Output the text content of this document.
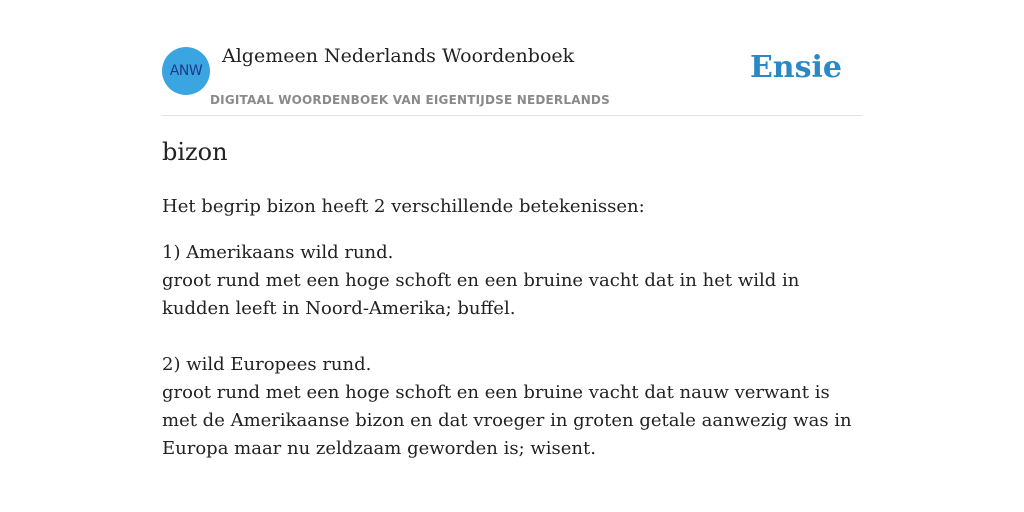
ANW
Algemeen Nederlands Woordenboek
DIGITAAL WOORDENBOEK VAN EIGENTIJDSE NEDERLANDS
Ensie
bizon

Het begrip bizon heeft 2 verschillende betekenissen:

1) Amerikaans wild rund.
groot rund met een hoge schoft en een bruine vacht dat in het wild in kudden leeft in Noord-Amerika; buffel.
2) wild Europees rund.
groot rund met een hoge schoft en een bruine vacht dat nauw verwant is met de Amerikaanse bizon en dat vroeger in groten getale aanwezig was in Europa maar nu zeldzaam geworden is; wisent.
